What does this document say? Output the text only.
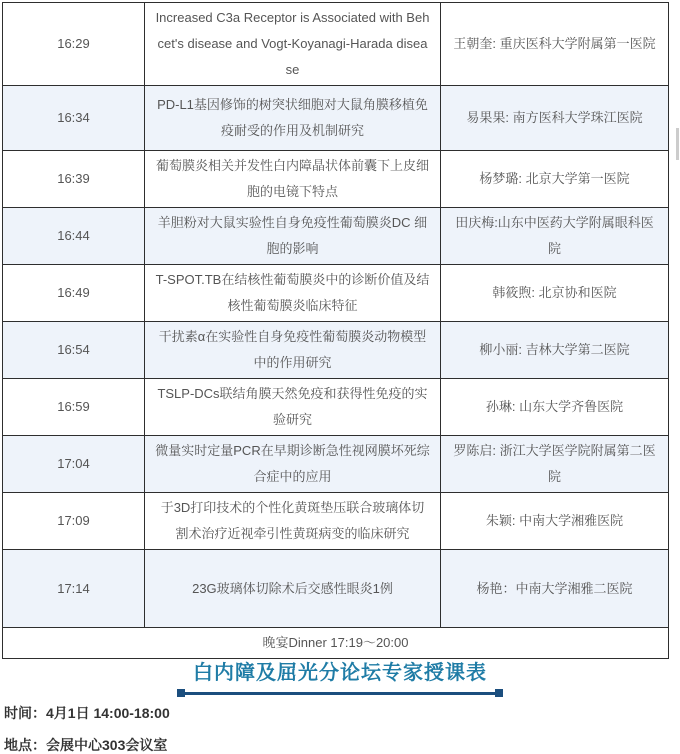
16:29	Increased C3a Receptor is Associated with Behcet's disease and Vogt-Koyanagi-Harada disease	王朝奎: 重庆医科大学附属第一医院
16:34	PD-L1基因修饰的树突状细胞对大鼠角膜移植免疫耐受的作用及机制研究	易果果: 南方医科大学珠江医院
16:39	葡萄膜炎相关并发性白内障晶状体前囊下上皮细胞的电镜下特点	杨梦璐: 北京大学第一医院
16:44	羊胆粉对大鼠实验性自身免疫性葡萄膜炎DC 细胞的影响	田庆梅:山东中医药大学附属眼科医院
16:49	T-SPOT.TB在结核性葡萄膜炎中的诊断价值及结核性葡萄膜炎临床特征	韩筱煦: 北京协和医院
16:54	干扰素α在实验性自身免疫性葡萄膜炎动物模型中的作用研究	柳小丽: 吉林大学第二医院
16:59	TSLP-DCs联结角膜天然免疫和获得性免疫的实验研究	孙琳: 山东大学齐鲁医院
17:04	微量实时定量PCR在早期诊断急性视网膜坏死综合症中的应用	罗陈启: 浙江大学医学院附属第二医院
17:09	于3D打印技术的个性化黄斑垫压联合玻璃体切割术治疗近视牵引性黄斑病变的临床研究	朱颖: 中南大学湘雅医院
17:14	23G玻璃体切除术后交感性眼炎1例	杨艳：中南大学湘雅二医院
晚宴Dinner 17:19～20:00		
白内障及屈光分论坛专家授课表
时间：4月1日 14:00-18:00
地点：会展中心303会议室
